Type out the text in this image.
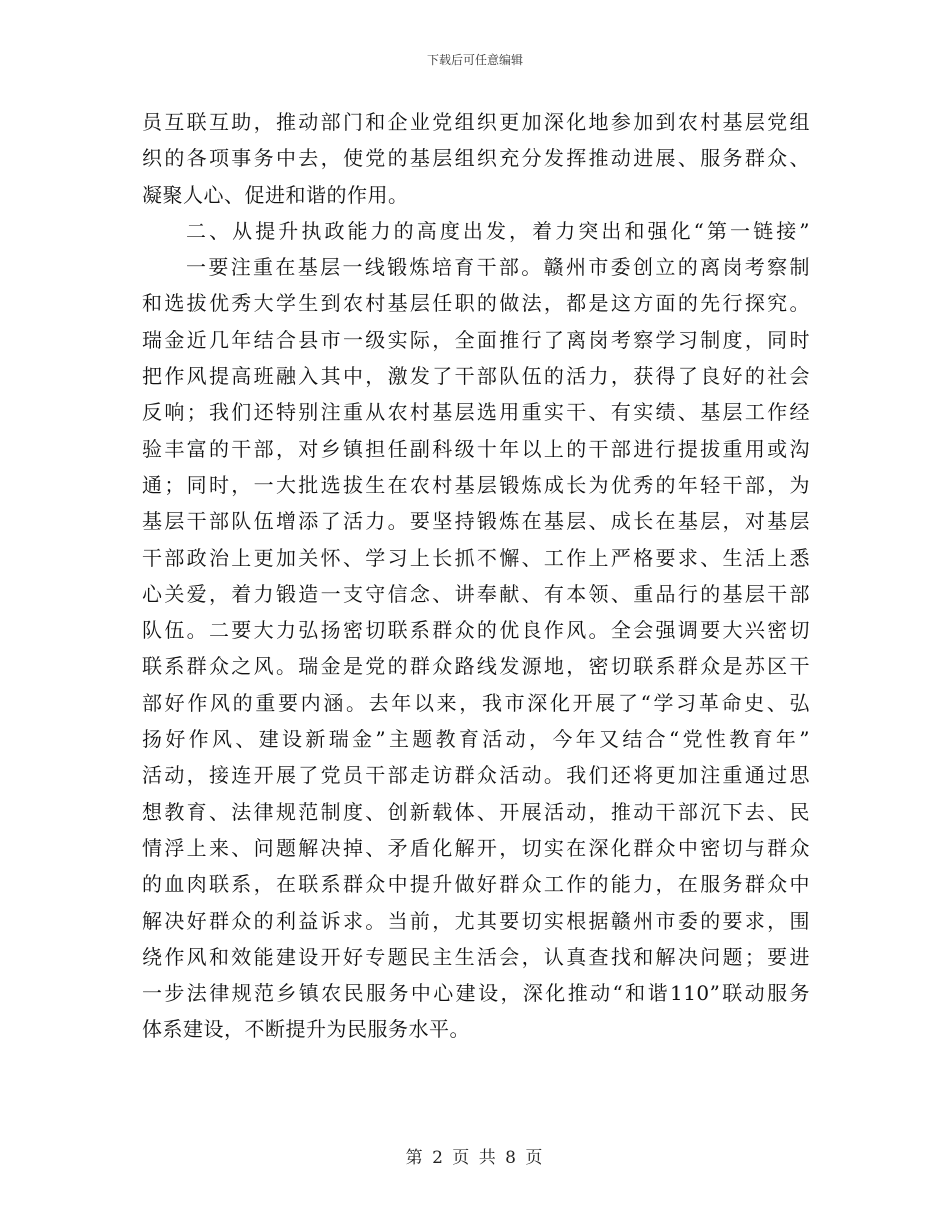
下载后可任意编辑
员互联互助，推动部门和企业党组织更加深化地参加到农村基层党组
织的各项事务中去，使党的基层组织充分发挥推动进展、服务群众、
凝聚人心、促进和谐的作用。
二、从提升执政能力的高度出发，着力突出和强化“第一链接”
一要注重在基层一线锻炼培育干部。赣州市委创立的离岗考察制
和选拔优秀大学生到农村基层任职的做法，都是这方面的先行探究。
瑞金近几年结合县市一级实际，全面推行了离岗考察学习制度，同时
把作风提高班融入其中，激发了干部队伍的活力，获得了良好的社会
反响；我们还特别注重从农村基层选用重实干、有实绩、基层工作经
验丰富的干部，对乡镇担任副科级十年以上的干部进行提拔重用或沟
通；同时，一大批选拔生在农村基层锻炼成长为优秀的年轻干部，为
基层干部队伍增添了活力。要坚持锻炼在基层、成长在基层，对基层
干部政治上更加关怀、学习上长抓不懈、工作上严格要求、生活上悉
心关爱，着力锻造一支守信念、讲奉献、有本领、重品行的基层干部
队伍。二要大力弘扬密切联系群众的优良作风。全会强调要大兴密切
联系群众之风。瑞金是党的群众路线发源地，密切联系群众是苏区干
部好作风的重要内涵。去年以来，我市深化开展了“学习革命史、弘
扬好作风、建设新瑞金”主题教育活动，今年又结合“党性教育年”
活动，接连开展了党员干部走访群众活动。我们还将更加注重通过思
想教育、法律规范制度、创新载体、开展活动，推动干部沉下去、民
情浮上来、问题解决掉、矛盾化解开，切实在深化群众中密切与群众
的血肉联系，在联系群众中提升做好群众工作的能力，在服务群众中
解决好群众的利益诉求。当前，尤其要切实根据赣州市委的要求，围
绕作风和效能建设开好专题民主生活会，认真查找和解决问题；要进
一步法律规范乡镇农民服务中心建设，深化推动“和谐110”联动服务
体系建设，不断提升为民服务水平。
第 2 页 共 8 页
